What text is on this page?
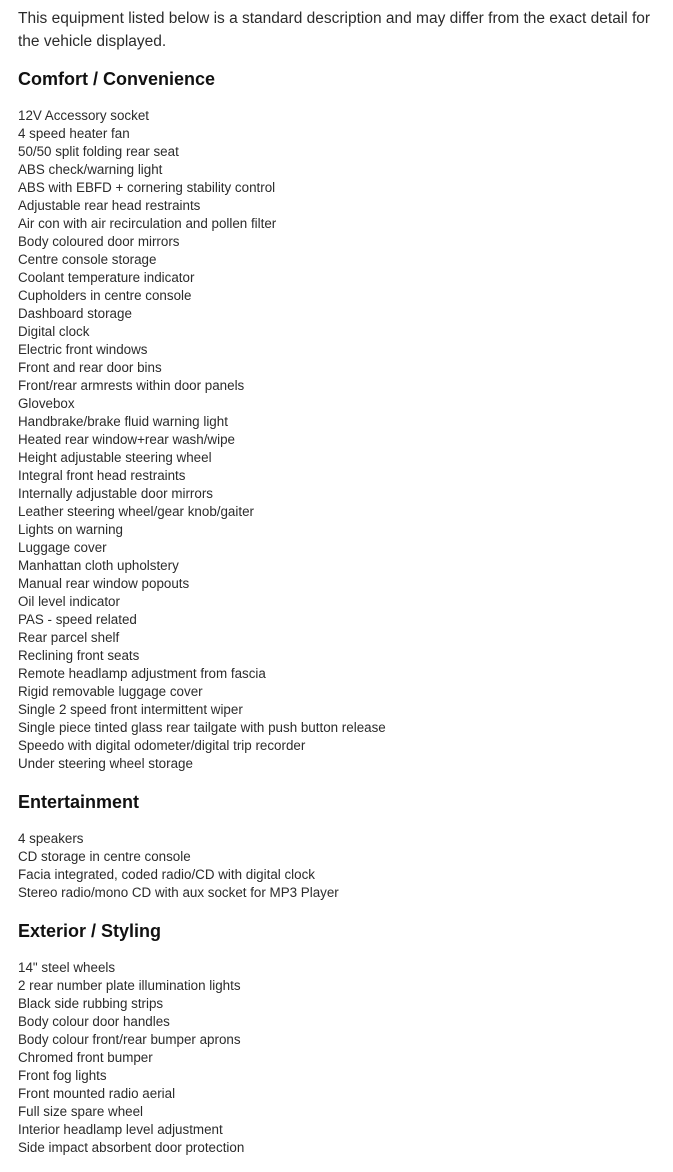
This equipment listed below is a standard description and may differ from the exact detail for the vehicle displayed.

Comfort / Convenience
12V Accessory socket
4 speed heater fan
50/50 split folding rear seat
ABS check/warning light
ABS with EBFD + cornering stability control
Adjustable rear head restraints
Air con with air recirculation and pollen filter
Body coloured door mirrors
Centre console storage
Coolant temperature indicator
Cupholders in centre console
Dashboard storage
Digital clock
Electric front windows
Front and rear door bins
Front/rear armrests within door panels
Glovebox
Handbrake/brake fluid warning light
Heated rear window+rear wash/wipe
Height adjustable steering wheel
Integral front head restraints
Internally adjustable door mirrors
Leather steering wheel/gear knob/gaiter
Lights on warning
Luggage cover
Manhattan cloth upholstery
Manual rear window popouts
Oil level indicator
PAS - speed related
Rear parcel shelf
Reclining front seats
Remote headlamp adjustment from fascia
Rigid removable luggage cover
Single 2 speed front intermittent wiper
Single piece tinted glass rear tailgate with push button release
Speedo with digital odometer/digital trip recorder
Under steering wheel storage
Entertainment
4 speakers
CD storage in centre console
Facia integrated, coded radio/CD with digital clock
Stereo radio/mono CD with aux socket for MP3 Player
Exterior / Styling
14" steel wheels
2 rear number plate illumination lights
Black side rubbing strips
Body colour door handles
Body colour front/rear bumper aprons
Chromed front bumper
Front fog lights
Front mounted radio aerial
Full size spare wheel
Interior headlamp level adjustment
Side impact absorbent door protection
